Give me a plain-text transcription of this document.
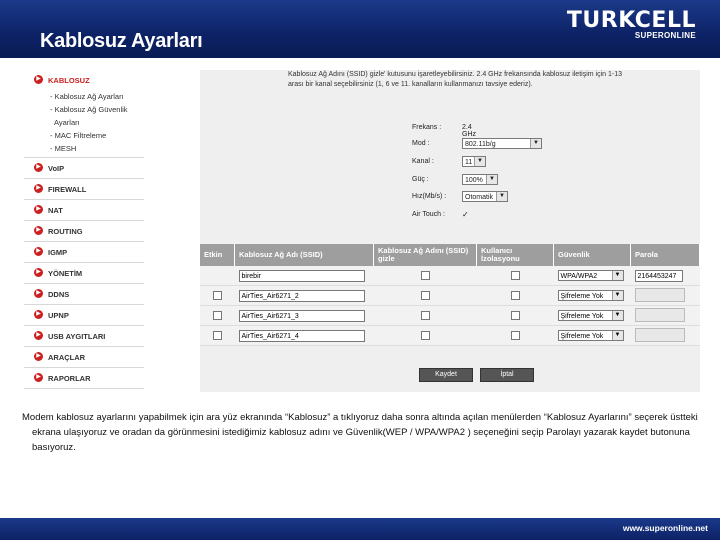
Kablosuz Ayarları
TURKCELL
SUPERONLINE
▶ KABLOSUZ
- Kablosuz Ağ Ayarları
- Kablosuz Ağ Güvenlik
Ayarları
- MAC Filtreleme
- MESH
▶ VoIP
▶ FIREWALL
▶ NAT
▶ ROUTING
▶ IGMP
▶ YÖNETİM
▶ DDNS
▶ UPNP
▶ USB AYGITLARI
▶ ARAÇLAR
▶ RAPORLAR
Kablosuz Ağ Adını (SSID) gizle' kutusunu işaretleyebilirsiniz. 2.4 GHz frekansında kablosuz iletişim için 1-13
arası bir kanal seçebilirsiniz (1, 6 ve 11. kanalların kullanmanızı tavsiye ederiz).
Frekans :	2.4 GHz
Mod :	802.11b/g	▼
Kanal :	11 ▼
Güç :	100%	▼
Hız(Mb/s) :	Otomatik	▼
Air Touch :	✓
Etkin	Kablosuz Ağ Adı (SSID)	Kablosuz Ağ Adını (SSID) gizle	Kullanıcı İzolasyonu	Güvenlik	Parola
	birebir			WPA/WPA2 ▼	2164453247
	AirTies_Air6271_2			Şifreleme Yok ▼	

	AirTies_Air6271_3			Şifreleme Yok ▼	

	AirTies_Air6271_4			Şifreleme Yok ▼	

Kaydet	İptal

Modem kablosuz ayarlarını yapabilmek için ara yüz ekranında “Kablosuz” a tıklıyoruz daha sonra altında açılan menülerden “Kablosuz Ayarlarını” seçerek üstteki ekrana ulaşıyoruz ve oradan da görünmesini istediğimiz kablosuz adını ve Güvenlik(WEP / WPA/WPA2 ) seçeneğini seçip Parolayı yazarak kaydet butonuna basıyoruz.

www.superonline.net
